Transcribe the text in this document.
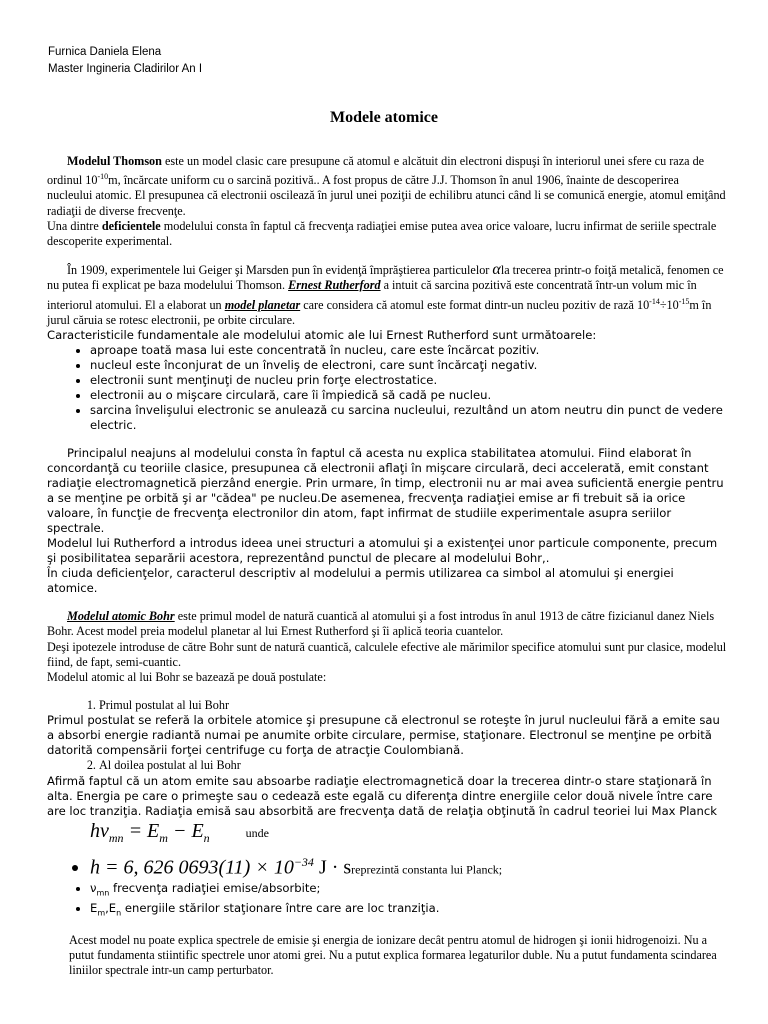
Furnica Daniela Elena
Master Ingineria Cladirilor An I
Modele atomice

Modelul Thomson este un model clasic care presupune că atomul e alcătuit din electroni dispuşi în interiorul unei sfere cu raza de ordinul $10^{-10}m$, încărcate uniform cu o sarcină pozitivă.. A fost propus de către J.J. Thomson în anul 1906, înainte de descoperirea nucleului atomic. El presupunea că electronii oscilează în jurul unei poziţii de echilibru atunci când li se comunică energie, atomul emiţând radiaţii de diverse frecvenţe.

Una dintre deficientele modelului consta în faptul că frecvenţa radiaţiei emise putea avea orice valoare, lucru infirmat de seriile spectrale descoperite experimental.

În 1909, experimentele lui Geiger şi Marsden pun în evidenţă împrăştierea particulelor αla trecerea printr-o foiţă metalică, fenomen ce nu putea fi explicat pe baza modelului Thomson. Ernest Rutherford a intuit că sarcina pozitivă este concentrată într-un volum mic în interiorul atomului. El a elaborat un model planetar care considera că atomul este format dintr-un nucleu pozitiv de rază $10^{-14}\div 10^{-15}m$ în jurul căruia se rotesc electronii, pe orbite circulare.

Caracteristicile fundamentale ale modelului atomic ale lui Ernest Rutherford sunt următoarele:

• aproape toată masa lui este concentrată în nucleu, care este încărcat pozitiv.
• nucleul este înconjurat de un înveliş de electroni, care sunt încărcaţi negativ.
• electronii sunt menţinuţi de nucleu prin forţe electrostatice.
• electronii au o mişcare circulară, care îi împiedică să cadă pe nucleu.
• sarcina învelişului electronic se anulează cu sarcina nucleului, rezultând un atom neutru din punct de vedere electric.

Principalul neajuns al modelului consta în faptul că acesta nu explica stabilitatea atomului. Fiind elaborat în concordanţă cu teoriile clasice, presupunea că electronii aflaţi în mişcare circulară, deci accelerată, emit constant radiaţie electromagnetică pierzând energie. Prin urmare, în timp, electronii nu ar mai avea suficientă energie pentru a se menţine pe orbită şi ar "cădea" pe nucleu.De asemenea, frecvenţa radiaţiei emise ar fi trebuit să ia orice valoare, în funcţie de frecvenţa electronilor din atom, fapt infirmat de studiile experimentale asupra seriilor spectrale.

Modelul lui Rutherford a introdus ideea unei structuri a atomului şi a existenţei unor particule componente, precum şi posibilitatea separării acestora, reprezentând punctul de plecare al modelului Bohr,.

În ciuda deficienţelor, caracterul descriptiv al modelului a permis utilizarea ca simbol al atomului şi energiei atomice.

Modelul atomic Bohr este primul model de natură cuantică al atomului şi a fost introdus în anul 1913 de către fizicianul danez Niels Bohr. Acest model preia modelul planetar al lui Ernest Rutherford şi îi aplică teoria cuantelor.

Deşi ipotezele introduse de către Bohr sunt de natură cuantică, calculele efective ale mărimilor specifice atomului sunt pur clasice, modelul fiind, de fapt, semi-cuantic.

Modelul atomic al lui Bohr se bazează pe două postulate:

1. Primul postulat al lui Bohr

Primul postulat se referă la orbitele atomice şi presupune că electronul se roteşte în jurul nucleului fără a emite sau a absorbi energie radiantă numai pe anumite orbite circulare, permise, staţionare. Electronul se menţine pe orbită datorită compensării forţei centrifuge cu forţa de atracţie Coulombiană.

2. Al doilea postulat al lui Bohr

Afirmă faptul că un atom emite sau absoarbe radiaţie electromagnetică doar la trecerea dintr-o stare staţionară în alta. Energia pe care o primeşte sau o cedează este egală cu diferenţa dintre energiile celor două nivele între care are loc tranziţia. Radiaţia emisă sau absorbită are frecvenţa dată de relaţia obţinută în cadrul teoriei lui Max Planck

$h\nu_{mn} = E_m - E_n$	unde
• h = 6, 626 $0693(11) \times 10^{-34}$ J · sreprezintă constanta lui Planck;
• $\nu_{mn}$ frecvenţa radiaţiei emise/absorbite;
• $E_m,E_n$ energiile stărilor staţionare între care are loc tranziţia.

Acest model nu poate explica spectrele de emisie şi energia de ionizare decât pentru atomul de hidrogen şi ionii hidrogenoizi. Nu a putut fundamenta stiintific spectrele unor atomi grei. Nu a putut explica formarea legaturilor duble. Nu a putut fundamenta scindarea liniilor spectrale intr-un camp perturbator.
